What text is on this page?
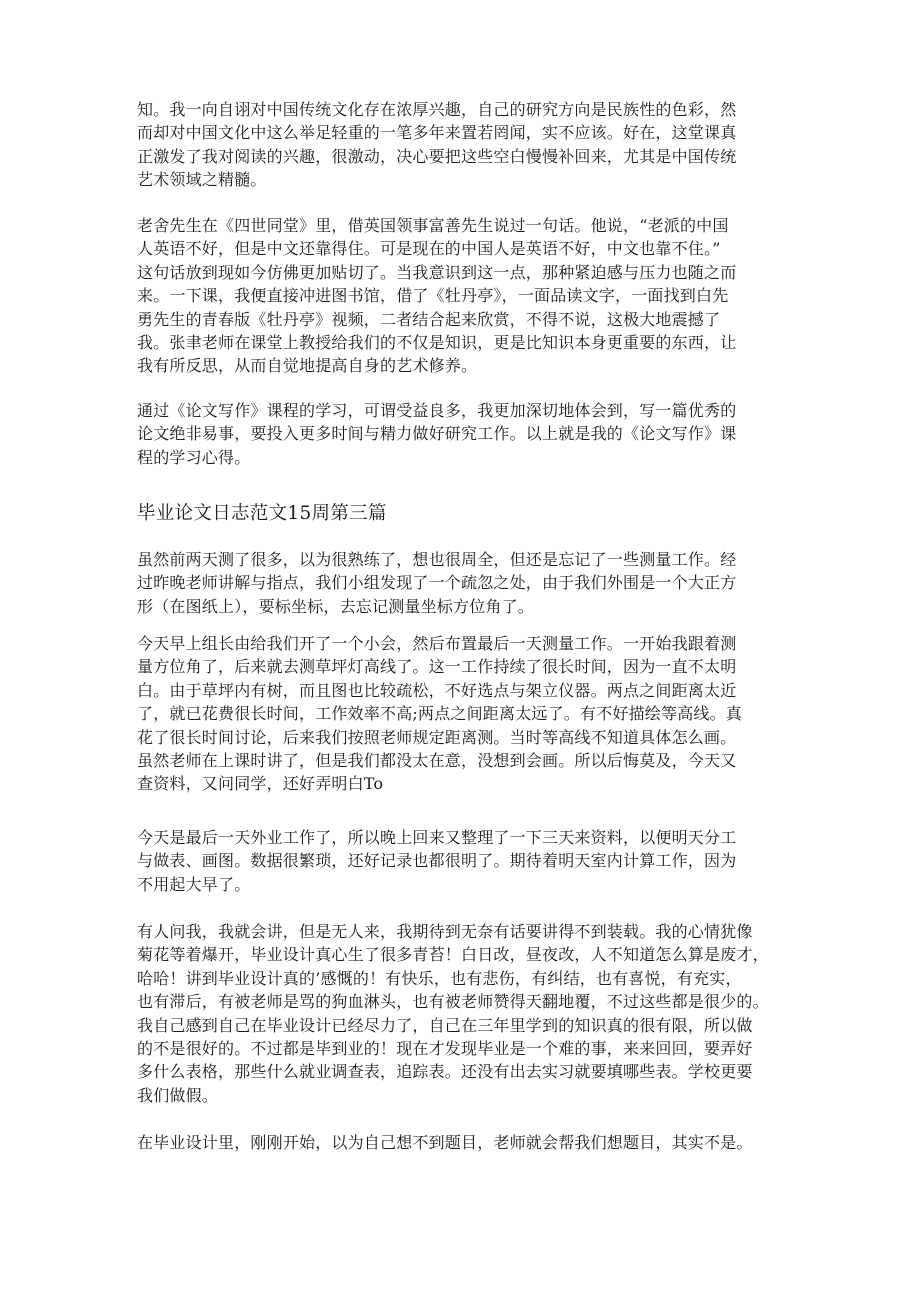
知。我一向自诩对中国传统文化存在浓厚兴趣，自己的研究方向是民族性的色彩，然
而却对中国文化中这么举足轻重的一笔多年来置若罔闻，实不应该。好在，这堂课真
正激发了我对阅读的兴趣，很激动，决心要把这些空白慢慢补回来，尤其是中国传统
艺术领域之精髓。

老舍先生在《四世同堂》里，借英国领事富善先生说过一句话。他说，“老派的中国
人英语不好，但是中文还靠得住。可是现在的中国人是英语不好，中文也靠不住。”
这句话放到现如今仿佛更加贴切了。当我意识到这一点，那种紧迫感与压力也随之而
来。一下课，我便直接冲进图书馆，借了《牡丹亭》，一面品读文字，一面找到白先
勇先生的青春版《牡丹亭》视频，二者结合起来欣赏，不得不说，这极大地震撼了
我。张聿老师在课堂上教授给我们的不仅是知识，更是比知识本身更重要的东西，让
我有所反思，从而自觉地提高自身的艺术修养。

通过《论文写作》课程的学习，可谓受益良多，我更加深切地体会到，写一篇优秀的
论文绝非易事，要投入更多时间与精力做好研究工作。以上就是我的《论文写作》课
程的学习心得。

毕业论文日志范文15周第三篇

虽然前两天测了很多，以为很熟练了，想也很周全，但还是忘记了一些测量工作。经
过昨晚老师讲解与指点，我们小组发现了一个疏忽之处，由于我们外围是一个大正方
形（在图纸上），要标坐标，去忘记测量坐标方位角了。

今天早上组长由给我们开了一个小会，然后布置最后一天测量工作。一开始我跟着测
量方位角了，后来就去测草坪灯高线了。这一工作持续了很长时间，因为一直不太明
白。由于草坪内有树，而且图也比较疏松，不好选点与架立仪器。两点之间距离太近
了，就已花费很长时间，工作效率不高;两点之间距离太远了。有不好描绘等高线。真
花了很长时间讨论，后来我们按照老师规定距离测。当时等高线不知道具体怎么画。
虽然老师在上课时讲了，但是我们都没太在意，没想到会画。所以后悔莫及，今天又
查资料，又问同学，还好弄明白To

今天是最后一天外业工作了，所以晚上回来又整理了一下三天来资料，以便明天分工
与做表、画图。数据很繁琐，还好记录也都很明了。期待着明天室内计算工作，因为
不用起大早了。

有人问我，我就会讲，但是无人来，我期待到无奈有话要讲得不到装载。我的心情犹像
菊花等着爆开，毕业设计真心生了很多青苔！白日改，昼夜改，人不知道怎么算是废才，
哈哈！讲到毕业设计真的’感慨的！有快乐，也有悲伤，有纠结，也有喜悦，有充实，
也有滞后，有被老师是骂的狗血淋头，也有被老师赞得天翻地覆，不过这些都是很少的。
我自己感到自己在毕业设计已经尽力了，自己在三年里学到的知识真的很有限，所以做
的不是很好的。不过都是毕到业的！现在才发现毕业是一个难的事，来来回回，要弄好
多什么表格，那些什么就业调查表，追踪表。还没有出去实习就要填哪些表。学校更要
我们做假。

在毕业设计里，刚刚开始，以为自己想不到题目，老师就会帮我们想题目，其实不是。
